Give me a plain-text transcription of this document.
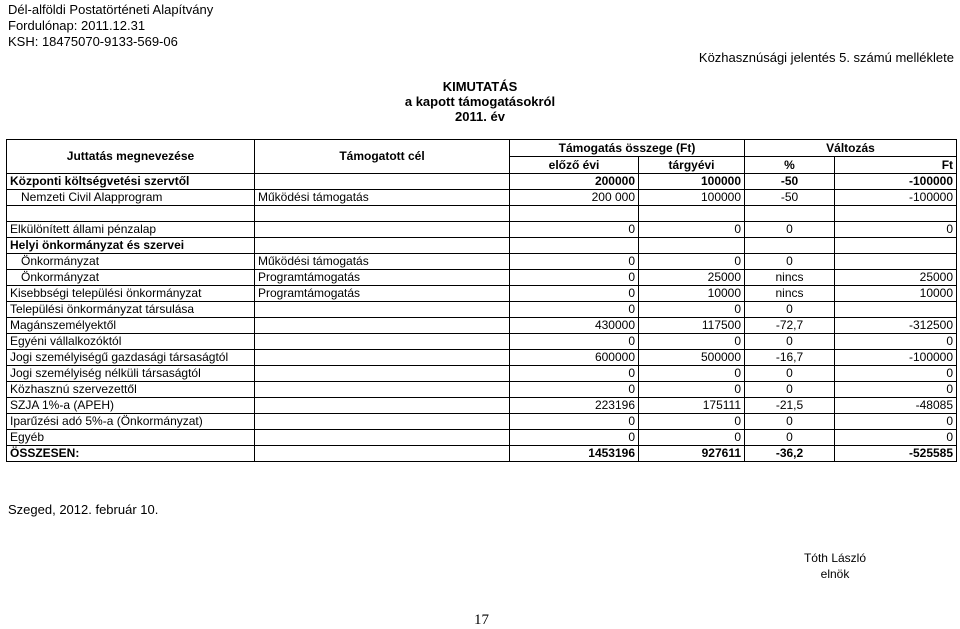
Dél-alföldi Postatörténeti Alapítvány
Fordulónap: 2011.12.31
KSH: 18475070-9133-569-06
Közhasznúsági jelentés 5. számú melléklete
KIMUTATÁS
a kapott támogatásokról
2011. év
Juttatás megnevezése	Támogatott cél	Támogatás összege (Ft)		Változás	
		előző évi	tárgyévi	%	Ft
Központi költségvetési szervtől		200000	100000	-50	-100000
Nemzeti Civil Alapprogram	Működési támogatás	200 000	100000	-50	-100000

Elkülönített állami pénzalap		0	0	0	0
Helyi önkormányzat és szervei					
Önkormányzat	Működési támogatás	0	0	0	
Önkormányzat	Programtámogatás	0	25000	nincs	25000
Kisebbségi települési önkormányzat	Programtámogatás	0	10000	nincs	10000
Települési önkormányzat társulása		0	0	0	
Magánszemélyektől		430000	117500	-72,7	-312500
Egyéni vállalkozóktól		0	0	0	0
Jogi személyiségű gazdasági társaságtól		600000	500000	-16,7	-100000
Jogi személyiség nélküli társaságtól		0	0	0	0
Közhasznú szervezettől		0	0	0	0
SZJA 1%-a (APEH)		223196	175111	-21,5	-48085
Iparűzési adó 5%-a (Önkormányzat)		0	0	0	0
Egyéb		0	0	0	0
ÖSSZESEN:		1453196	927611	-36,2	-525585
Szeged, 2012. február 10.
Tóth László
elnök
17
